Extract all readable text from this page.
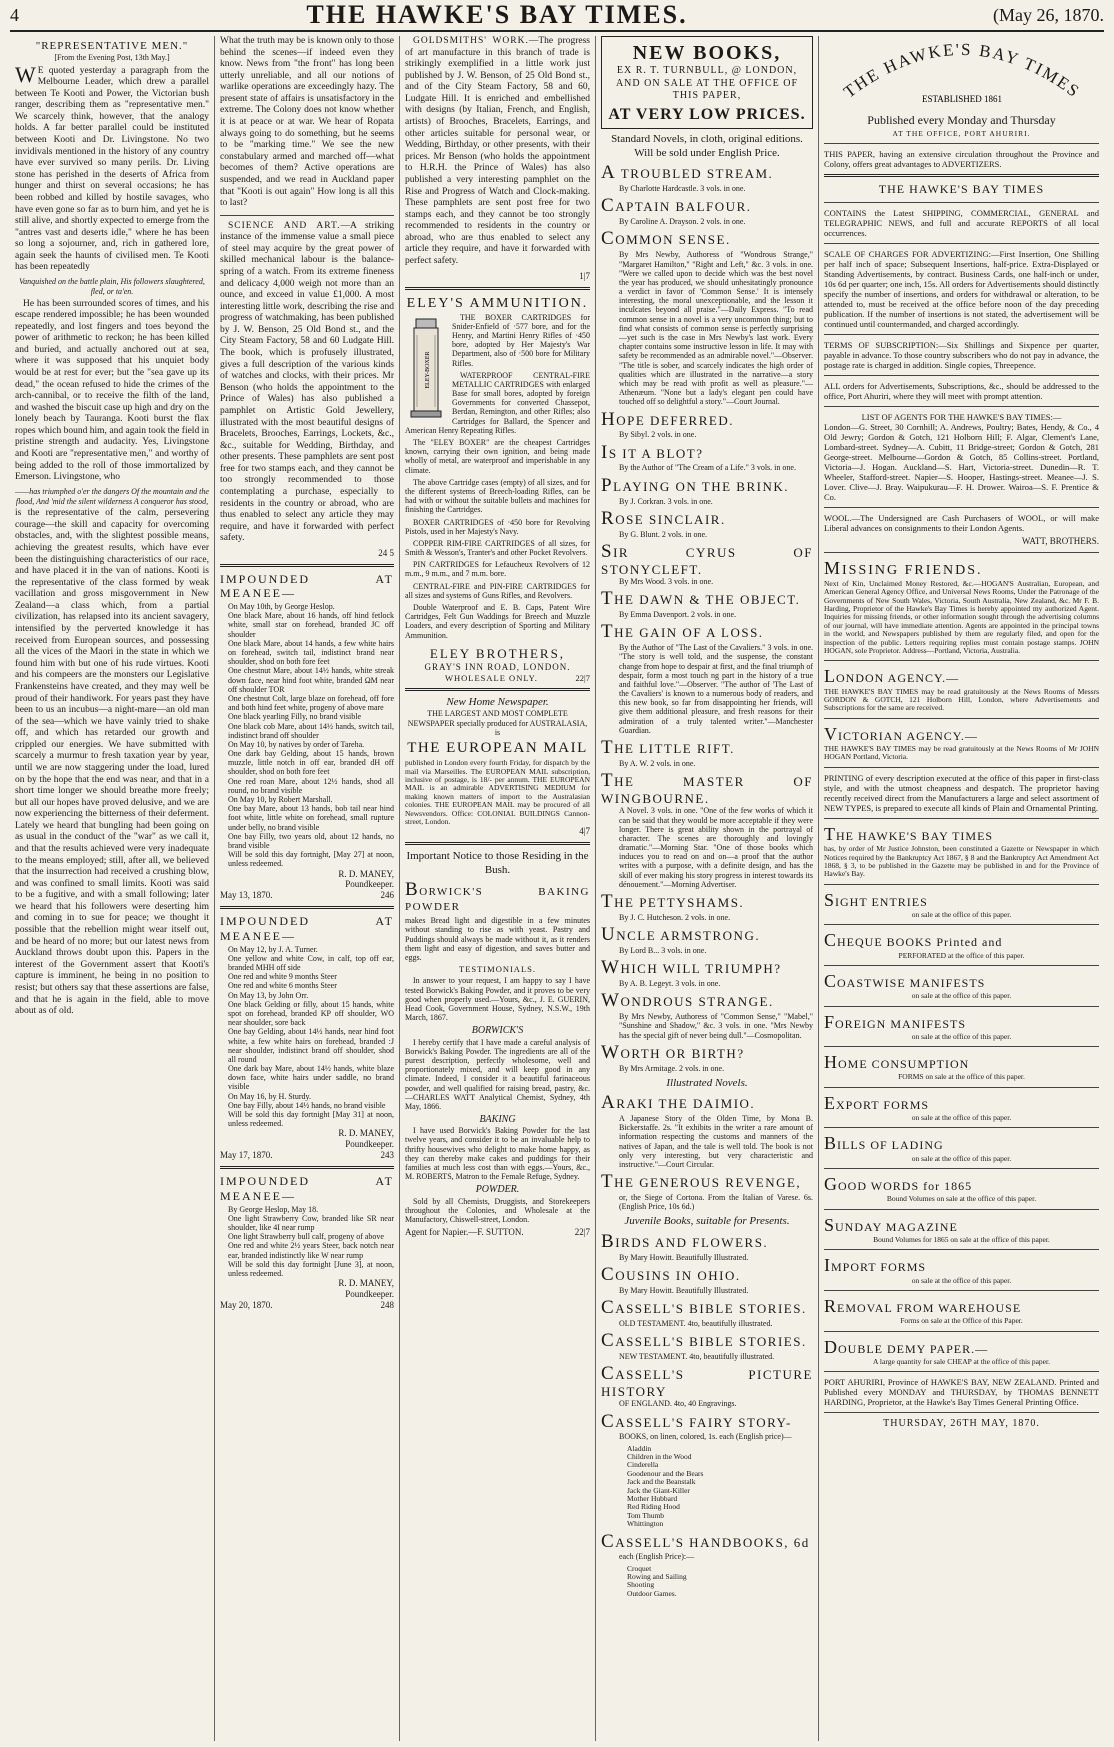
4	THE HAWKE'S BAY TIMES.	(May 26, 1870.
"REPRESENTATIVE MEN."
[From the Evening Post, 13th May.]

WE quoted yesterday a paragraph from the Melbourne Leader, which drew a parallel between Te Kooti and Power, the Victorian bush ranger, describing them as "representative men." We scarcely think, however, that the analogy holds. A far better parallel could be instituted between Kooti and Dr. Livingstone. No two invidivals mentioned in the history of any country have ever survived so many perils. Dr. Living stone has perished in the deserts of Africa from hunger and thirst on several occasions; he has been robbed and killed by hostile savages, who have even gone so far as to burn him, and yet he is still alive, and shortly expected to emerge from the "antres vast and deserts idle," where he has been so long a sojourner, and, rich in gathered lore, again seek the haunts of civilised men. Te Kooti has been repeatedly

Vanquished on the battle plain, His followers slaughtered, fled, or ta'en.

He has been surrounded scores of times, and his escape rendered impossible; he has been wounded repeatedly, and lost fingers and toes beyond the power of arithmetic to reckon; he has been killed and buried, and actually anchored out at sea, where it was supposed that his unquiet body would be at rest for ever; but the "sea gave up its dead," the ocean refused to hide the crimes of the arch-cannibal, or to receive the filth of the land, and washed the biscuit case up high and dry on the lonely beach by Tauranga. Kooti burst the flax ropes which bound him, and again took the field in pristine strength and audacity. Yes, Livingstone and Kooti are "representative men," and worthy of being added to the roll of those immortalized by Emerson. Livingstone, who

——has triumphed o'er the dangers Of the mountain and the flood, And 'mid the silent wilderness A conqueror has stood,

is the representative of the calm, persevering courage—the skill and capacity for overcoming obstacles, and, with the slightest possible means, achieving the greatest results, which have ever been the distinguishing characteristics of our race, and have placed it in the van of nations. Kooti is the representative of the class formed by weak vacillation and gross misgovernment in New Zealand—a class which, from a partial civilization, has relapsed into its ancient savagery, intensified by the perverted knowledge it has received from European sources, and possessing all the vices of the Maori in the state in which we found him with but one of his rude virtues. Kooti and his compeers are the monsters our Legislative Frankensteins have created, and they may well be proud of their handiwork. For years past they have been to us an incubus—a night-mare—an old man of the sea—which we have vainly tried to shake off, and which has retarded our growth and crippled our energies. We have submitted with scarcely a murmur to fresh taxation year by year, until we are now staggering under the load, lured on by the hope that the end was near, and that in a short time longer we should breathe more freely; but all our hopes have proved delusive, and we are now experiencing the bitterness of their deferment. Lately we heard that bungling had been going on as usual in the conduct of the "war" as we call it, and that the results achieved were very inadequate to the means employed; still, after all, we believed that the insurrection had received a crushing blow, and was confined to small limits. Kooti was said to be a fugitive, and with a small following; later we heard that his followers were deserting him and coming in to sue for peace; we thought it possible that the rebellion might wear itself out, and be heard of no more; but our latest news from Auckland throws doubt upon this. Papers in the interest of the Government assert that Kooti's capture is imminent, he being in no position to resist; but others say that these assertions are false, and that he is again in the field, able to move about as of old.

What the truth may be is known only to those behind the scenes—if indeed even they know. News from "the front" has long been utterly unreliable, and all our notions of warlike operations are exceedingly hazy. The present state of affairs is unsatisfactory in the extreme. The Colony does not know whether it is at peace or at war. We hear of Ropata always going to do something, but he seems to be "marking time." We see the new constabulary armed and marched off—what becomes of them? Active operations are suspended, and we read in Auckland paper that "Kooti is out again" How long is all this to last?

SCIENCE AND ART.—A striking instance of the immense value a small piece of steel may acquire by the great power of skilled mechanical labour is the balance-spring of a watch. From its extreme fineness and delicacy 4,000 weigh not more than an ounce, and exceed in value £1,000. A most interesting little work, describing the rise and progress of watchmaking, has been published by J. W. Benson, 25 Old Bond st., and the City Steam Factory, 58 and 60 Ludgate Hill. The book, which is profusely illustrated, gives a full description of the various kinds of watches and clocks, with their prices. Mr Benson (who holds the appointment to the Prince of Wales) has also published a pamphlet on Artistic Gold Jewellery, illustrated with the most beautiful designs of Bracelets, Brooches, Earrings, Lockets, &c., &c., suitable for Wedding, Birthday, and other presents. These pamphlets are sent post free for two stamps each, and they cannot be too strongly recommended to those contemplating a purchase, especially to residents in the country or abroad, who are thus enabled to select any article they may require, and have it forwarded with perfect safety.

24 5
IMPOUNDED AT MEANEE—
On May 10th, by George Heslop.
One black Mare, about 16 hands, off hind fetlock white, small star on forehead, branded JC off shoulder
One black Mare, about 14 hands, a few white hairs on forehead, switch tail, indistinct brand near shoulder, shod on both fore feet
One chestnut Mare, about 14½ hands, white streak down face, near hind foot white, branded ΩM near off shoulder TOR
One chestnut Colt, large blaze on forehead, off fore and both hind feet white, progeny of above mare
One black yearling Filly, no brand visible
One black cob Mare, about 14½ hands, switch tail, indistinct brand off shoulder
On May 10, by natives by order of Tareha.
One dark bay Gelding, about 15 hands, brown muzzle, little notch in off ear, branded dH off shoulder, shod on both fore feet
One red roan Mare, about 12½ hands, shod all round, no brand visible
On May 10, by Robert Marshall.
One bay Mare, about 13 hands, bob tail near hind foot white, little white on forehead, small rupture under belly, no brand visible
One bay Filly, two years old, about 12 hands, no brand visible
Will be sold this day fortnight, [May 27] at noon, unless redeemed.
R. D. MANEY,
Poundkeeper.
May 13, 1870.	246
IMPOUNDED AT MEANEE—
On May 12, by J. A. Turner.
One yellow and white Cow, in calf, top off ear, branded MHH off side
One red and white 9 months Steer
One red and white 6 months Steer
On May 13, by John Orr.
One black Gelding or filly, about 15 hands, white spot on forehead, branded KP off shoulder, WO near shoulder, sore back
One bay Gelding, about 14½ hands, near hind foot white, a few white hairs on forehead, branded :J near shoulder, indistinct brand off shoulder, shod all round
One dark bay Mare, about 14½ hands, white blaze down face, white hairs under saddle, no brand visible
On May 16, by H. Sturdy.
One bay Filly, about 14½ hands, no brand visible
Will be sold this day fortnight [May 31] at noon, unless redeemed.
R. D. MANEY,
Poundkeeper.
May 17, 1870.	243
IMPOUNDED AT MEANEE—
By George Heslop, May 18.
One light Strawberry Cow, branded like SR near shoulder, like 4I near rump
One light Strawberry bull calf, progeny of above
One red and white 2½ years Steer, back notch near ear, branded indistinctly like W near rump
Will be sold this day fortnight [June 3], at noon, unless redeemed.
R. D. MANEY,
Poundkeeper.
May 20, 1870.	248

GOLDSMITHS' WORK.—The progress of art manufacture in this branch of trade is strikingly exemplified in a little work just published by J. W. Benson, of 25 Old Bond st., and of the City Steam Factory, 58 and 60, Ludgate Hill. It is enriched and embellished with designs (by Italian, French, and English, artists) of Brooches, Bracelets, Earrings, and other articles suitable for personal wear, or Wedding, Birthday, or other presents, with their prices. Mr Benson (who holds the appointment to H.R.H. the Prince of Wales) has also published a very interesting pamphlet on the Rise and Progress of Watch and Clock-making. These pamphlets are sent post free for two stamps each, and they cannot be too strongly recommended to residents in the country or abroad, who are thus enabled to select any article they require, and have it forwarded with perfect safety.

1|7
ELEY'S AMMUNITION.
ELEY-BOXER

THE BOXER CARTRIDGES for Snider-Enfield of ·577 bore, and for the Henry, and Martini Henry Rifles of ·450 bore, adopted by Her Majesty's War Department, also of ·500 bore for Military Rifles.

WATERPROOF CENTRAL-FIRE METALLIC CARTRIDGES with enlarged Base for small bores, adopted by foreign Governments for converted Chassepot, Berdan, Remington, and other Rifles; also Cartridges for Ballard, the Spencer and American Henry Repeating Rifles.

The "ELEY BOXER" are the cheapest Cartridges known, carrying their own ignition, and being made wholly of metal, are waterproof and imperishable in any climate.

The above Cartridge cases (empty) of all sizes, and for the different systems of Breech-loading Rifles, can be had with or without the suitable bullets and machines for finishing the Cartridges.

BOXER CARTRIDGES of ·450 bore for Revolving Pistols, used in her Majesty's Navy.

COPPER RIM-FIRE CARTRIDGES of all sizes, for Smith & Wesson's, Tranter's and other Pocket Revolvers.

PIN CARTRIDGES for Lefaucheux Revolvers of 12 m.m., 9 m.m., and 7 m.m. bore.

CENTRAL-FIRE and PIN-FIRE CARTRIDGES for all sizes and systems of Guns Rifles, and Revolvers.

Double Waterproof and E. B. Caps, Patent Wire Cartridges, Felt Gun Waddings for Breech and Muzzle Loaders, and every description of Sporting and Military Ammunition.

ELEY BROTHERS,
GRAY'S INN ROAD, LONDON.
WHOLESALE ONLY.	22|7
New Home Newspaper.
THE LARGEST AND MOST COMPLETE NEWSPAPER specially produced for AUSTRALASIA, is
THE EUROPEAN MAIL
published in London every fourth Friday, for dispatch by the mail via Marseilles. The EUROPEAN MAIL subscription, inclusive of postage, is 18/- per annum. THE EUROPEAN MAIL is an admirable ADVERTISING MEDIUM for making known matters of import to the Australasian colonies. THE EUROPEAN MAIL may be procured of all Newsvendors. Office: COLONIAL BUILDINGS Cannon-street, London.
4|7
Important Notice to those Residing in the Bush.
BORWICK'S BAKING POWDER
makes Bread light and digestible in a few minutes without standing to rise as with yeast. Pastry and Puddings should always be made without it, as it renders them light and easy of digestion, and saves butter and eggs.
TESTIMONIALS.

In answer to your request, I am happy to say I have tested Borwick's Baking Powder, and it proves to be very good when properly used.—Yours, &c., J. E. GUERIN, Head Cook, Government House, Sydney, N.S.W., 19th March, 1867.

BORWICK'S

I hereby certify that I have made a careful analysis of Borwick's Baking Powder. The ingredients are all of the purest description, perfectly wholesome, well and proportionately mixed, and will keep good in any climate. Indeed, I consider it a beautiful farinaceous powder, and well qualified for raising bread, pastry, &c.—CHARLES WATT Analytical Chemist, Sydney, 4th May, 1866.

BAKING

I have used Borwick's Baking Powder for the last twelve years, and consider it to be an invaluable help to thrifty housewives who delight to make home happy, as they can thereby make cakes and puddings for their families at much less cost than with eggs.—Yours, &c., M. ROBERTS, Matron to the Female Refuge, Sydney.

POWDER.

Sold by all Chemists, Druggists, and Storekeepers throughout the Colonies, and Wholesale at the Manufactory, Chiswell-street, London.

Agent for Napier.—F. SUTTON.	22|7
NEW BOOKS,
EX R. T. TURNBULL, @ LONDON, AND ON SALE AT THE OFFICE OF THIS PAPER,
AT VERY LOW PRICES.
Standard Novels, in cloth, original editions. Will be sold under English Price.
A TROUBLED STREAM.
By Charlotte Hardcastle. 3 vols. in one.
CAPTAIN BALFOUR.
By Caroline A. Drayson. 2 vols. in one.
COMMON SENSE.
By Mrs Newby, Authoress of "Wondrous Strange," "Margaret Hamilton," "Right and Left," &c. 3 vols. in one. "Were we called upon to decide which was the best novel the year has produced, we should unhesitatingly pronounce a verdict in favor of 'Common Sense.' It is intensely interesting, the moral unexceptionable, and the lesson it inculcates beyond all praise."—Daily Express. "To read common sense in a novel is a very uncommon thing; but to find what consists of common sense is perfectly surprising—yet such is the case in Mrs Newby's last work. Every chapter contains some instructive lesson in life. It may with safety be recommended as an admirable novel."—Observer. "The title is sober, and scarcely indicates the high order of qualities which are illustrated in the narrative—a story which may be read with profit as well as pleasure."—Athenæum. "None but a lady's elegant pen could have touched off so delightful a story."—Court Journal.
HOPE DEFERRED.
By Sibyl. 2 vols. in one.
IS IT A BLOT?
By the Author of "The Cream of a Life." 3 vols. in one.
PLAYING ON THE BRINK.
By J. Corkran. 3 vols. in one.
ROSE SINCLAIR.
By G. Blunt. 2 vols. in one.
SIR CYRUS OF STONYCLEFT.
By Mrs Wood. 3 vols. in one.
THE DAWN & THE OBJECT.
By Emma Davenport. 2 vols. in one.
THE GAIN OF A LOSS.
By the Author of "The Last of the Cavaliers." 3 vols. in one. "The story is well told, and the suspense, the constant change from hope to despair at first, and the final triumph of despair, form a most touch ng part in the history of a true and faithful love."—Observer. "The author of 'The Last of the Cavaliers' is known to a numerous body of readers, and this new book, so far from disappointing her friends, will give them additional pleasure, and fresh reasons for their admiration of a truly talented writer."—Manchester Guardian.
THE LITTLE RIFT.
By A. W. 2 vols. in one.
THE MASTER OF WINGBOURNE.
A Novel. 3 vols. in one. "One of the few works of which it can be said that they would be more acceptable if they were longer. There is great ability shown in the portrayal of character. The scenes are thoroughly and lovingly dramatic."—Morning Star. "One of those books which induces you to read on and on—a proof that the author writes with a purpose, with a definite design, and has the skill of ever making his story progress in interest towards its dénouement."—Morning Advertiser.
THE PETTYSHAMS.
By J. C. Hutcheson. 2 vols. in one.
UNCLE ARMSTRONG.
By Lord B... 3 vols. in one.
WHICH WILL TRIUMPH?
By A. B. Legeyt. 3 vols. in one.
WONDROUS STRANGE.
By Mrs Newby, Authoress of "Common Sense," "Mabel," "Sunshine and Shadow," &c. 3 vols. in one. "Mrs Newby has the special gift of never being dull."—Cosmopolitan.
WORTH OR BIRTH?
By Mrs Armitage. 2 vols. in one.
Illustrated Novels.
ARAKI THE DAIMIO.
A Japanese Story of the Olden Time, by Mona B. Bickerstaffe. 2s. "It exhibits in the writer a rare amount of information respecting the customs and manners of the natives of Japan, and the tale is well told. The book is not only very interesting, but very characteristic and instructive."—Court Circular.
THE GENEROUS REVENGE,
or, the Siege of Cortona. From the Italian of Varese. 6s. (English Price, 10s 6d.)
Juvenile Books, suitable for Presents.
BIRDS AND FLOWERS.
By Mary Howitt. Beautifully Illustrated.
COUSINS IN OHIO.
By Mary Howitt. Beautifully Illustrated.
CASSELL'S BIBLE STORIES.
OLD TESTAMENT. 4to, beautifully illustrated.
CASSELL'S BIBLE STORIES.
NEW TESTAMENT. 4to, beautifully illustrated.
CASSELL'S PICTURE HISTORY
OF ENGLAND. 4to, 40 Engravings.
CASSELL'S FAIRY STORY-
BOOKS, on linen, colored, 1s. each (English price)—
Aladdin
Children in the Wood
Cinderella
Goodenour and the Bears
Jack and the Beanstalk
Jack the Giant-Killer
Mother Hubbard
Red Riding Hood
Tom Thumb
Whittington
CASSELL'S HANDBOOKS, 6d
each (English Price):—
Croquet
Rowing and Sailing
Shooting
Outdoor Games.
THE HAWKE'S BAY TIMES
ESTABLISHED 1861
Published every Monday and Thursday
AT THE OFFICE, PORT AHURIRI.
THIS PAPER, having an extensive circulation throughout the Province and Colony, offers great advantages to ADVERTIZERS.
THE HAWKE'S BAY TIMES
CONTAINS the Latest SHIPPING, COMMERCIAL, GENERAL and TELEGRAPHIC NEWS, and full and accurate REPORTS of all local occurrences.
SCALE OF CHARGES FOR ADVERTIZING:—First Insertion, One Shilling per half inch of space; Subsequent Insertions, half-price. Extra-Displayed or Standing Advertisements, by contract. Business Cards, one half-inch or under, 10s 6d per quarter; one inch, 15s. All orders for Advertisements should distinctly specify the number of insertions, and orders for withdrawal or alteration, to be attended to, must be received at the office before noon of the day preceding publication. If the number of insertions is not stated, the advertisement will be continued until countermanded, and charged accordingly.
TERMS OF SUBSCRIPTION:—Six Shillings and Sixpence per quarter, payable in advance. To those country subscribers who do not pay in advance, the postage rate is charged in addition. Single copies, Threepence.
ALL orders for Advertisements, Subscriptions, &c., should be addressed to the office, Port Ahuriri, where they will meet with prompt attention.
LIST OF AGENTS FOR THE HAWKE'S BAY TIMES:—
London—G. Street, 30 Cornhill; A. Andrews, Poultry; Bates, Hendy, & Co., 4 Old Jewry; Gordon & Gotch, 121 Holborn Hill; F. Algar, Clement's Lane, Lombard-street. Sydney—A. Cubitt, 11 Bridge-street; Gordon & Gotch, 281 George-street. Melbourne—Gordon & Gotch, 85 Collins-street. Portland, Victoria—J. Hogan. Auckland—S. Hart, Victoria-street. Dunedin—R. T. Wheeler, Stafford-street. Napier—S. Hooper, Hastings-street. Meanee—J. S. Lover. Clive—J. Bray. Waipukurau—F. H. Drower. Wairoa—S. F. Prentice & Co.
WOOL.—The Undersigned are Cash Purchasers of WOOL, or will make Liberal advances on consignments to their London Agents.
WATT, BROTHERS.
MISSING FRIENDS.
Next of Kin, Unclaimed Money Restored, &c.—HOGAN'S Australian, European, and American General Agency Office, and Universal News Rooms, Under the Patronage of the Governments of New South Wales, Victoria, South Australia, New Zealand, &c. Mr F. B. Harding, Proprietor of the Hawke's Bay Times is hereby appointed my authorized Agent. Inquiries for missing friends, or other information sought through the advertising columns of our journal, will have immediate attention. Agents are appointed in the principal towns in the world, and Newspapers published by them are regularly filed, and open for the inspection of the public. Letters requiring replies must contain postage stamps. JOHN HOGAN, sole Proprietor. Address—Portland, Victoria, Australia.
LONDON AGENCY.—
THE HAWKE'S BAY TIMES may be read gratuitously at the News Rooms of Messrs GORDON & GOTCH, 121 Holborn Hill, London, where Advertisements and Subscriptions for the same are received.
VICTORIAN AGENCY.—
THE HAWKE'S BAY TIMES may be read gratuitously at the News Rooms of Mr JOHN HOGAN Portland, Victoria.
PRINTING of every description executed at the office of this paper in first-class style, and with the utmost cheapness and despatch. The proprietor having recently received direct from the Manufacturers a large and select assortment of NEW TYPES, is prepared to execute all kinds of Plain and Ornamental Printing.
THE HAWKE'S BAY TIMES
has, by order of Mr Justice Johnston, been constituted a Gazette or Newspaper in which Notices required by the Bankruptcy Act 1867, § 8 and the Bankruptcy Act Amendment Act 1868, § 3, to be published in the Gazette may be published in and for the Province of Hawke's Bay.
SIGHT ENTRIES
on sale at the office of this paper.
CHEQUE BOOKS Printed and
PERFORATED at the office of this paper.
COASTWISE MANIFESTS
on sale at the office of this paper.
FOREIGN MANIFESTS
on sale at the office of this paper.
HOME CONSUMPTION
FORMS on sale at the office of this paper.
EXPORT FORMS
on sale at the office of this paper.
BILLS OF LADING
on sale at the office of this paper.
GOOD WORDS for 1865
Bound Volumes on sale at the office of this paper.
SUNDAY MAGAZINE
Bound Volumes for 1865 on sale at the office of this paper.
IMPORT FORMS
on sale at the office of this paper.
REMOVAL FROM WAREHOUSE
Forms on sale at the Office of this Paper.
DOUBLE DEMY PAPER.—
A large quantity for sale CHEAP at the office of this paper.
PORT AHURIRI, Province of HAWKE'S BAY, NEW ZEALAND. Printed and Published every MONDAY and THURSDAY, by THOMAS BENNETT HARDING, Proprietor, at the Hawke's Bay Times General Printing Office.
THURSDAY, 26TH MAY, 1870.
